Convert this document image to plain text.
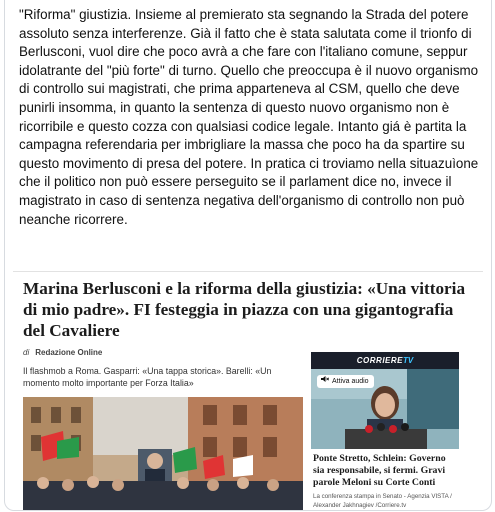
"Riforma" giustizia. Insieme al premierato sta segnando la Strada del potere assoluto senza interferenze. Già il fatto che è stata salutata come il trionfo di Berlusconi, vuol dire che poco avrà a che fare con l'italiano comune, seppur idolatrante del "più forte" di turno. Quello che preoccupa è il nuovo organismo di controllo sui magistrati, che prima apparteneva al CSM, quello che deve punirli insomma, in quanto la sentenza di questo nuovo organismo non è ricorribile e questo cozza con qualsiasi codice legale. Intanto giá è partita la campagna referendaria per imbrigliare la massa che poco ha da spartire su questo movimento di presa del potere. In pratica ci troviamo nella situazuìone che il politico non può essere perseguito se il parlament dice no, invece il magistrato in caso di sentenza negativa dell'organismo di controllo non può neanche ricorrere.
Marina Berlusconi e la riforma della giustizia: «Una vittoria di mio padre». FI festeggia in piazza con una gigantografia del Cavaliere
di Redazione Online
Il flashmob a Roma. Gasparri: «Una tappa storica». Barelli: «Un momento molto importante per Forza Italia»
CORRIERETV
Attiva audio
Ponte Stretto, Schlein: Governo sia responsabile, si fermi. Gravi parole Meloni su Corte Conti
La conferenza stampa in Senato - Agenzia VISTA / Alexander Jakhnagiev /Corriere.tv
